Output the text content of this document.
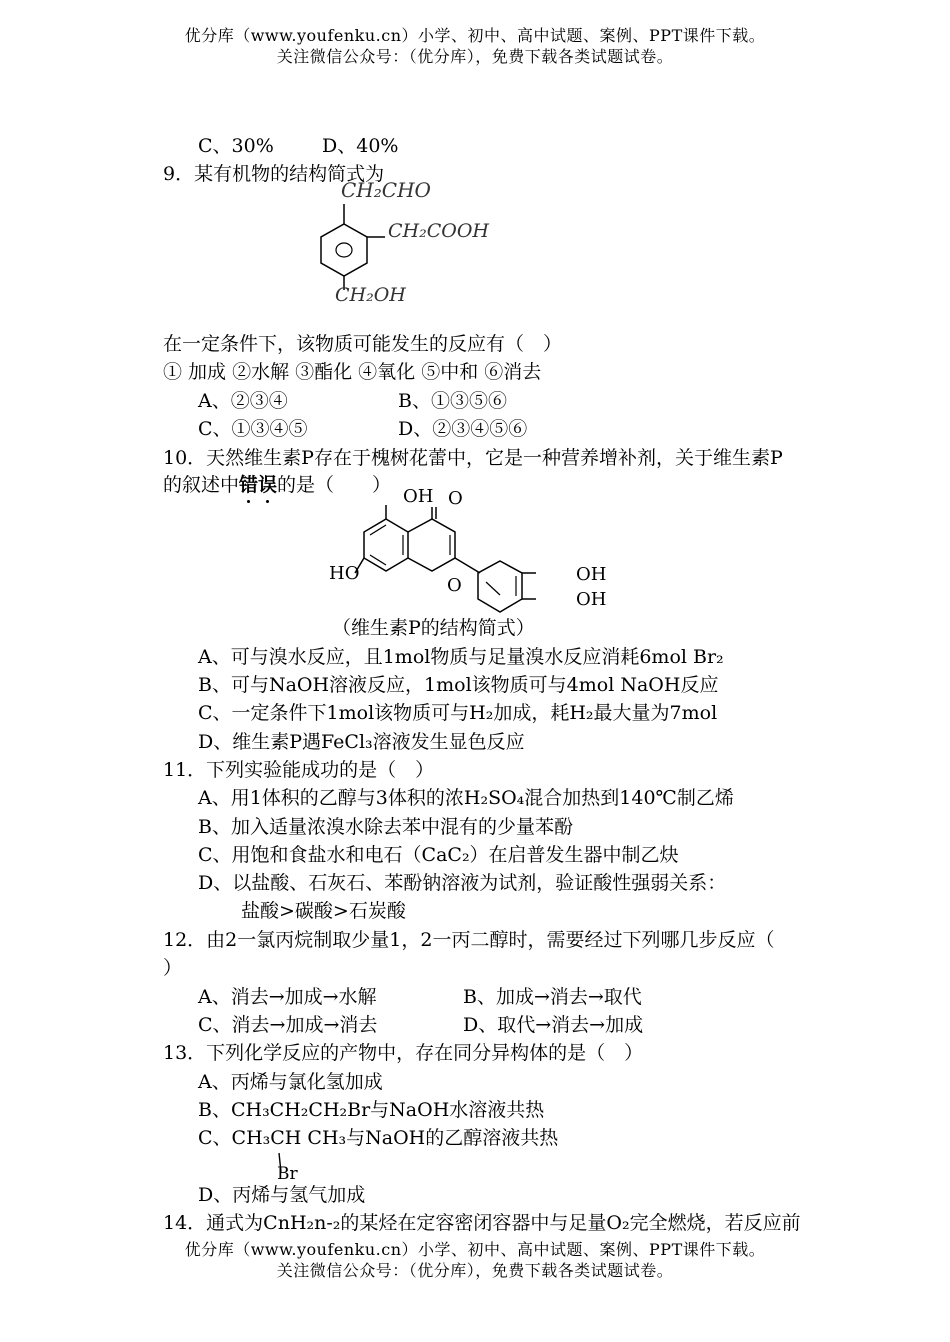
优分库（www.youfenku.cn）小学、初中、高中试题、案例、PPT课件下载。
关注微信公众号：（优分库），免费下载各类试题试卷。
C、30%	D、40%
9．某有机物的结构简式为
CH₂CHO
CH₂COOH
CH₂OH
在一定条件下，该物质可能发生的反应有（　）
① 加成 ②水解 ③酯化 ④氧化 ⑤中和 ⑥消去
A、②③④	B、①③⑤⑥
C、①③④⑤	D、②③④⑤⑥
10．天然维生素P存在于槐树花蕾中，它是一种营养增补剂，关于维生素P
的叙述中错误
的是（　　）
OH O
HO
O
OH
OH
（维生素P的结构简式）
A、可与溴水反应，且1mol物质与足量溴水反应消耗6mol Br₂
B、可与NaOH溶液反应，1mol该物质可与4mol NaOH反应
C、一定条件下1mol该物质可与H₂加成，耗H₂最大量为7mol
D、维生素P遇FeCl₃溶液发生显色反应
11．下列实验能成功的是（　）
A、用1体积的乙醇与3体积的浓H₂SO₄混合加热到140℃制乙烯
B、加入适量浓溴水除去苯中混有的少量苯酚
C、用饱和食盐水和电石（CaC₂）在启普发生器中制乙炔
D、以盐酸、石灰石、苯酚钠溶液为试剂，验证酸性强弱关系：
盐酸>碳酸>石炭酸
12．由2一氯丙烷制取少量1，2一丙二醇时，需要经过下列哪几步反应（
）
A、消去→加成→水解	B、加成→消去→取代
C、消去→加成→消去	D、取代→消去→加成
13．下列化学反应的产物中，存在同分异构体的是（　）
A、丙烯与氯化氢加成
B、CH₃CH₂CH₂Br与NaOH水溶液共热
C、CH₃CH CH₃与NaOH的乙醇溶液共热
Br
D、丙烯与氢气加成
14．通式为CnH₂n-₂的某烃在定容密闭容器中与足量O₂完全燃烧，若反应前
优分库（www.youfenku.cn）小学、初中、高中试题、案例、PPT课件下载。
关注微信公众号：（优分库），免费下载各类试题试卷。
